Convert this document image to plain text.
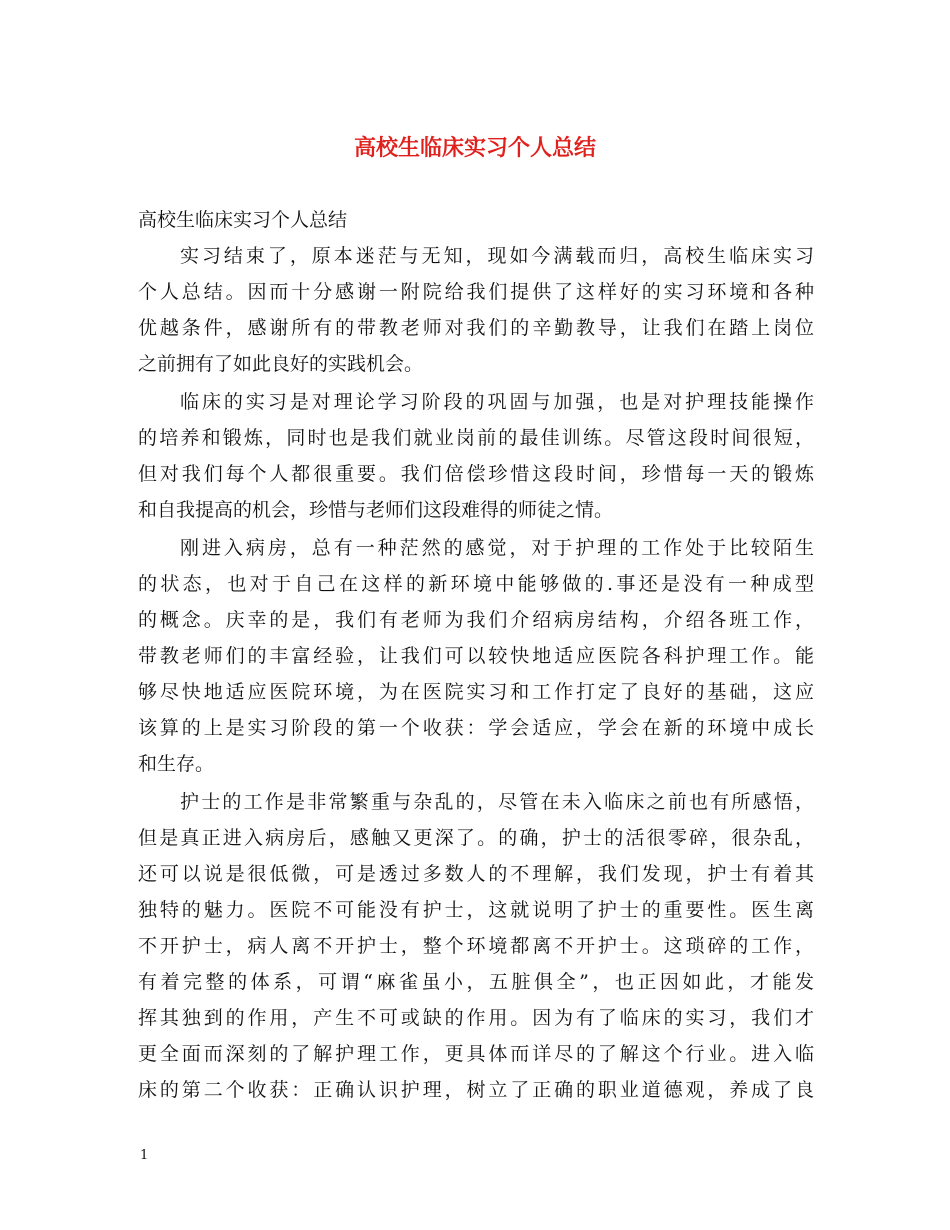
高校生临床实习个人总结
高校生临床实习个人总结
实习结束了，原本迷茫与无知，现如今满载而归，高校生临床实习
个人总结。因而十分感谢一附院给我们提供了这样好的实习环境和各种
优越条件，感谢所有的带教老师对我们的辛勤教导，让我们在踏上岗位
之前拥有了如此良好的实践机会。
临床的实习是对理论学习阶段的巩固与加强，也是对护理技能操作
的培养和锻炼，同时也是我们就业岗前的最佳训练。尽管这段时间很短，
但对我们每个人都很重要。我们倍偿珍惜这段时间，珍惜每一天的锻炼
和自我提高的机会，珍惜与老师们这段难得的师徒之情。
刚进入病房，总有一种茫然的感觉，对于护理的工作处于比较陌生
的状态，也对于自己在这样的新环境中能够做的.事还是没有一种成型
的概念。庆幸的是，我们有老师为我们介绍病房结构，介绍各班工作，
带教老师们的丰富经验，让我们可以较快地适应医院各科护理工作。能
够尽快地适应医院环境，为在医院实习和工作打定了良好的基础，这应
该算的上是实习阶段的第一个收获：学会适应，学会在新的环境中成长
和生存。
护士的工作是非常繁重与杂乱的，尽管在未入临床之前也有所感悟，
但是真正进入病房后，感触又更深了。的确，护士的活很零碎，很杂乱，
还可以说是很低微，可是透过多数人的不理解，我们发现，护士有着其
独特的魅力。医院不可能没有护士，这就说明了护士的重要性。医生离
不开护士，病人离不开护士，整个环境都离不开护士。这琐碎的工作，
有着完整的体系，可谓“麻雀虽小，五脏俱全”，也正因如此，才能发
挥其独到的作用，产生不可或缺的作用。因为有了临床的实习，我们才
更全面而深刻的了解护理工作，更具体而详尽的了解这个行业。进入临
床的第二个收获：正确认识护理，树立了正确的职业道德观，养成了良
1
